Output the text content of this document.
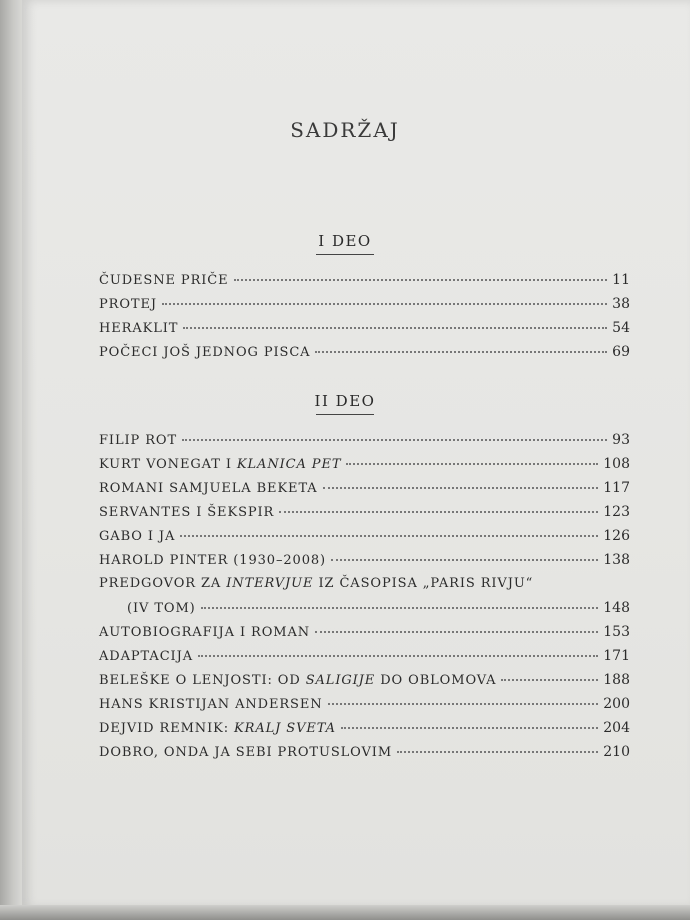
SADRŽAJ
I DEO
ČUDESNE PRIČE	11
PROTEJ	38
HERAKLIT	54
POČECI JOŠ JEDNOG PISCA	69
II DEO
FILIP ROT	93
KURT VONEGAT I KLANICA PET	108
ROMANI SAMJUELA BEKETA	117
SERVANTES I ŠEKSPIR	123
GABO I JA	126
HAROLD PINTER (1930–2008)	138
PREDGOVOR ZA INTERVJUE IZ ČASOPISA „PARIS RIVJU“
(IV TOM)	148
AUTOBIOGRAFIJA I ROMAN	153
ADAPTACIJA	171
BELEŠKE O LENJOSTI: OD SALIGIJE DO OBLOMOVA	188
HANS KRISTIJAN ANDERSEN	200
DEJVID REMNIK: KRALJ SVETA	204
DOBRO, ONDA JA SEBI PROTUSLOVIM	210
